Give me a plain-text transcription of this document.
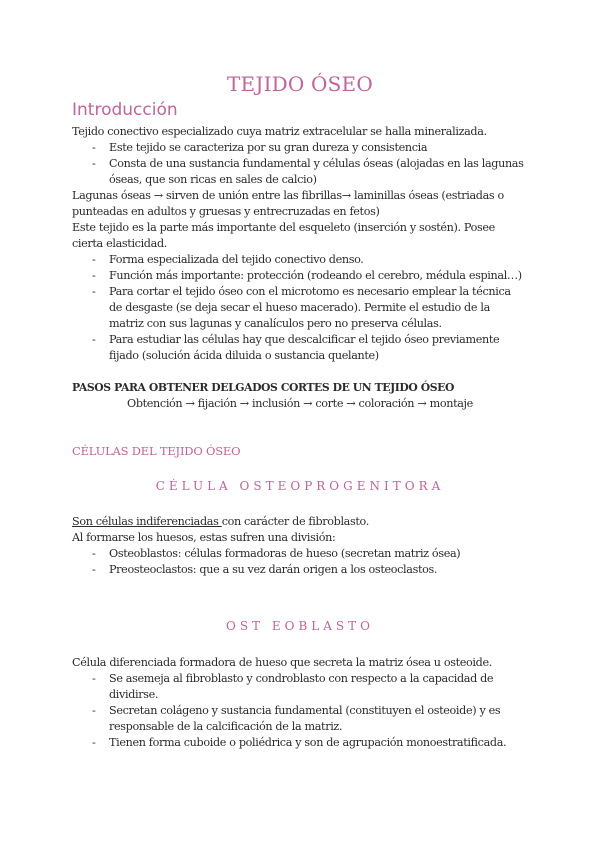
TEJIDO ÓSEO
Introducción
Tejido conectivo especializado cuya matriz extracelular se halla mineralizada.
- Este tejido se caracteriza por su gran dureza y consistencia
- Consta de una sustancia fundamental y células óseas (alojadas en las lagunas
óseas, que son ricas en sales de calcio)
Lagunas óseas → sirven de unión entre las fibrillas→ laminillas óseas (estriadas o
punteadas en adultos y gruesas y entrecruzadas en fetos)
Este tejido es la parte más importante del esqueleto (inserción y sostén). Posee
cierta elasticidad.
- Forma especializada del tejido conectivo denso.
- Función más importante: protección (rodeando el cerebro, médula espinal…)
- Para cortar el tejido óseo con el microtomo es necesario emplear la técnica
de desgaste (se deja secar el hueso macerado). Permite el estudio de la
matriz con sus lagunas y canalículos pero no preserva células.
- Para estudiar las células hay que descalcificar el tejido óseo previamente
fijado (solución ácida diluida o sustancia quelante)
PASOS PARA OBTENER DELGADOS CORTES DE UN TEJIDO ÓSEO
Obtención → fijación → inclusión → corte → coloración → montaje
CÉLULAS DEL TEJIDO ÓSEO
CÉLULA OSTEOPROGENITORA
Son células indiferenciadas con carácter de fibroblasto.
Al formarse los huesos, estas sufren una división:
- Osteoblastos: células formadoras de hueso (secretan matriz ósea)
- Preosteoclastos: que a su vez darán origen a los osteoclastos.
OST EOBLASTO
Célula diferenciada formadora de hueso que secreta la matriz ósea u osteoide.
- Se asemeja al fibroblasto y condroblasto con respecto a la capacidad de
dividirse.
- Secretan colágeno y sustancia fundamental (constituyen el osteoide) y es
responsable de la calcificación de la matriz.
- Tienen forma cuboide o poliédrica y son de agrupación monoestratificada.
